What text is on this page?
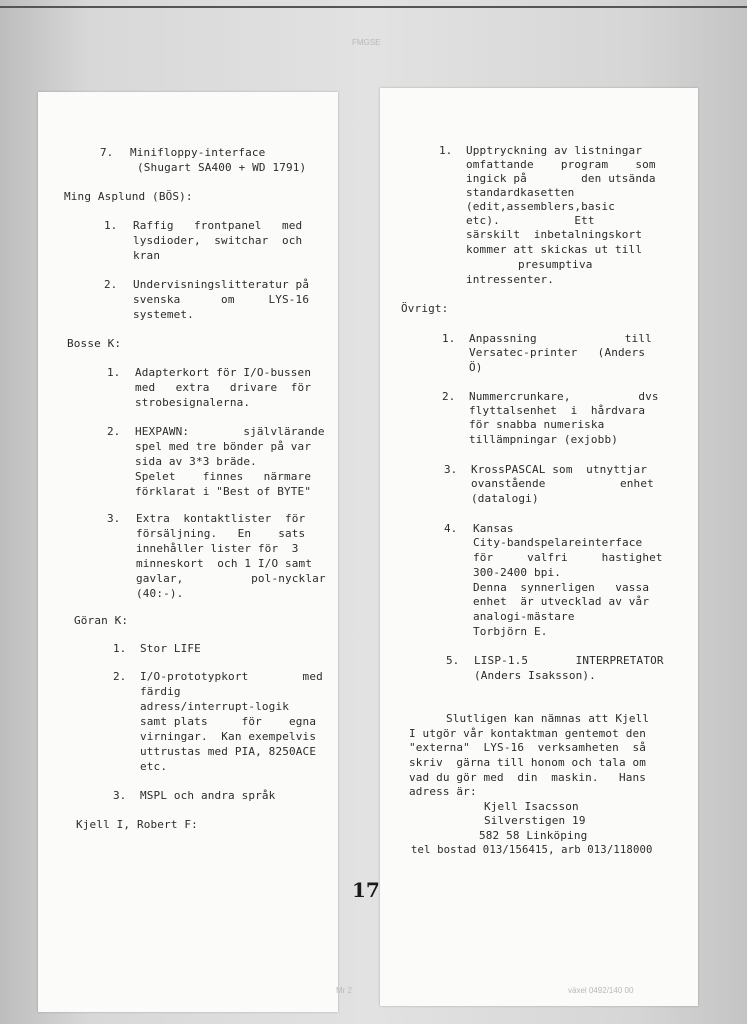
FMGSE
7. Minifloppy-interface
(Shugart SA400 + WD 1791)
Ming Asplund (BÖS):
1. Raffig   frontpanel   med
lysdioder,  switchar  och
kran
2. Undervisningslitteratur på
svenska      om     LYS-16
systemet.
Bosse K:
1. Adapterkort för I/O-bussen
med   extra   drivare  för
strobesignalerna.
2. HEXPAWN:        självlärande
spel med tre bönder på var
sida av 3*3 bräde.
Spelet    finnes   närmare
förklarat i "Best of BYTE"
3. Extra  kontaktlister  för
försäljning.   En    sats
innehåller lister för  3
minneskort  och 1 I/O samt
gavlar,          pol-nycklar
(40:-).
Göran K:
1. Stor LIFE
2. I/O-prototypkort        med
färdig
adress/interrupt-logik
samt plats     för    egna
virningar.  Kan exempelvis
uttrustas med PIA, 8250ACE
etc.
3. MSPL och andra språk
Kjell I, Robert F:
1. Upptryckning av listningar
omfattande    program    som
ingick på        den utsända
standardkasetten
(edit,assemblers,basic
etc).           Ett
särskilt  inbetalningskort
kommer att skickas ut till
presumptiva
intressenter.
Övrigt:
1. Anpassning             till
Versatec-printer   (Anders
Ö)
2. Nummercrunkare,          dvs
flyttalsenhet  i  hårdvara
för snabba numeriska
tillämpningar (exjobb)
3. KrossPASCAL som  utnyttjar
ovanstående           enhet
(datalogi)
4. Kansas
City-bandspelareinterface
för     valfri     hastighet
300-2400 bpi.
Denna  synnerligen   vassa
enhet  är utvecklad av vår
analogi-mästare
Torbjörn E.
5. LISP-1.5       INTERPRETATOR
(Anders Isaksson).
Slutligen kan nämnas att Kjell
I utgör vår kontaktman gentemot den
"externa"  LYS-16  verksamheten  så
skriv  gärna till honom och tala om
vad du gör med  din  maskin.   Hans
adress är:
Kjell Isacsson
Silverstigen 19
582 58 Linköping
tel bostad 013/156415, arb 013/118000
17
Mr 2	växel 0492/140 00
